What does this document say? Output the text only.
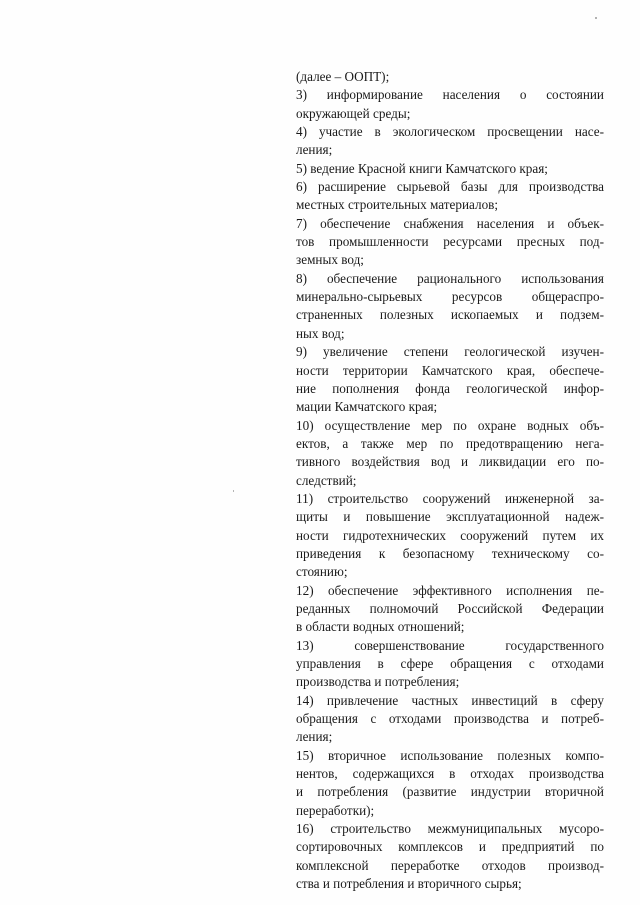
(далее – ООПТ);
3) информирование населения о состоянии
окружающей среды;
4) участие в экологическом просвещении насе-
ления;
5) ведение Красной книги Камчатского края;
6) расширение сырьевой базы для производства
местных строительных материалов;
7) обеспечение снабжения населения и объек-
тов промышленности ресурсами пресных под-
земных вод;
8) обеспечение рационального использования
минерально-сырьевых ресурсов общераспро-
страненных полезных ископаемых и подзем-
ных вод;
9) увеличение степени геологической изучен-
ности территории Камчатского края, обеспече-
ние пополнения фонда геологической инфор-
мации Камчатского края;
10) осуществление мер по охране водных объ-
ектов, а также мер по предотвращению нега-
тивного воздействия вод и ликвидации его по-
следствий;
11) строительство сооружений инженерной за-
щиты и повышение эксплуатационной надеж-
ности гидротехнических сооружений путем их
приведения к безопасному техническому со-
стоянию;
12) обеспечение эффективного исполнения пе-
реданных полномочий Российской Федерации
в области водных отношений;
13) совершенствование государственного
управления в сфере обращения с отходами
производства и потребления;
14) привлечение частных инвестиций в сферу
обращения с отходами производства и потреб-
ления;
15) вторичное использование полезных компо-
нентов, содержащихся в отходах производства
и потребления (развитие индустрии вторичной
переработки);
16) строительство межмуниципальных мусоро-
сортировочных комплексов и предприятий по
комплексной переработке отходов производ-
ства и потребления и вторичного сырья;
